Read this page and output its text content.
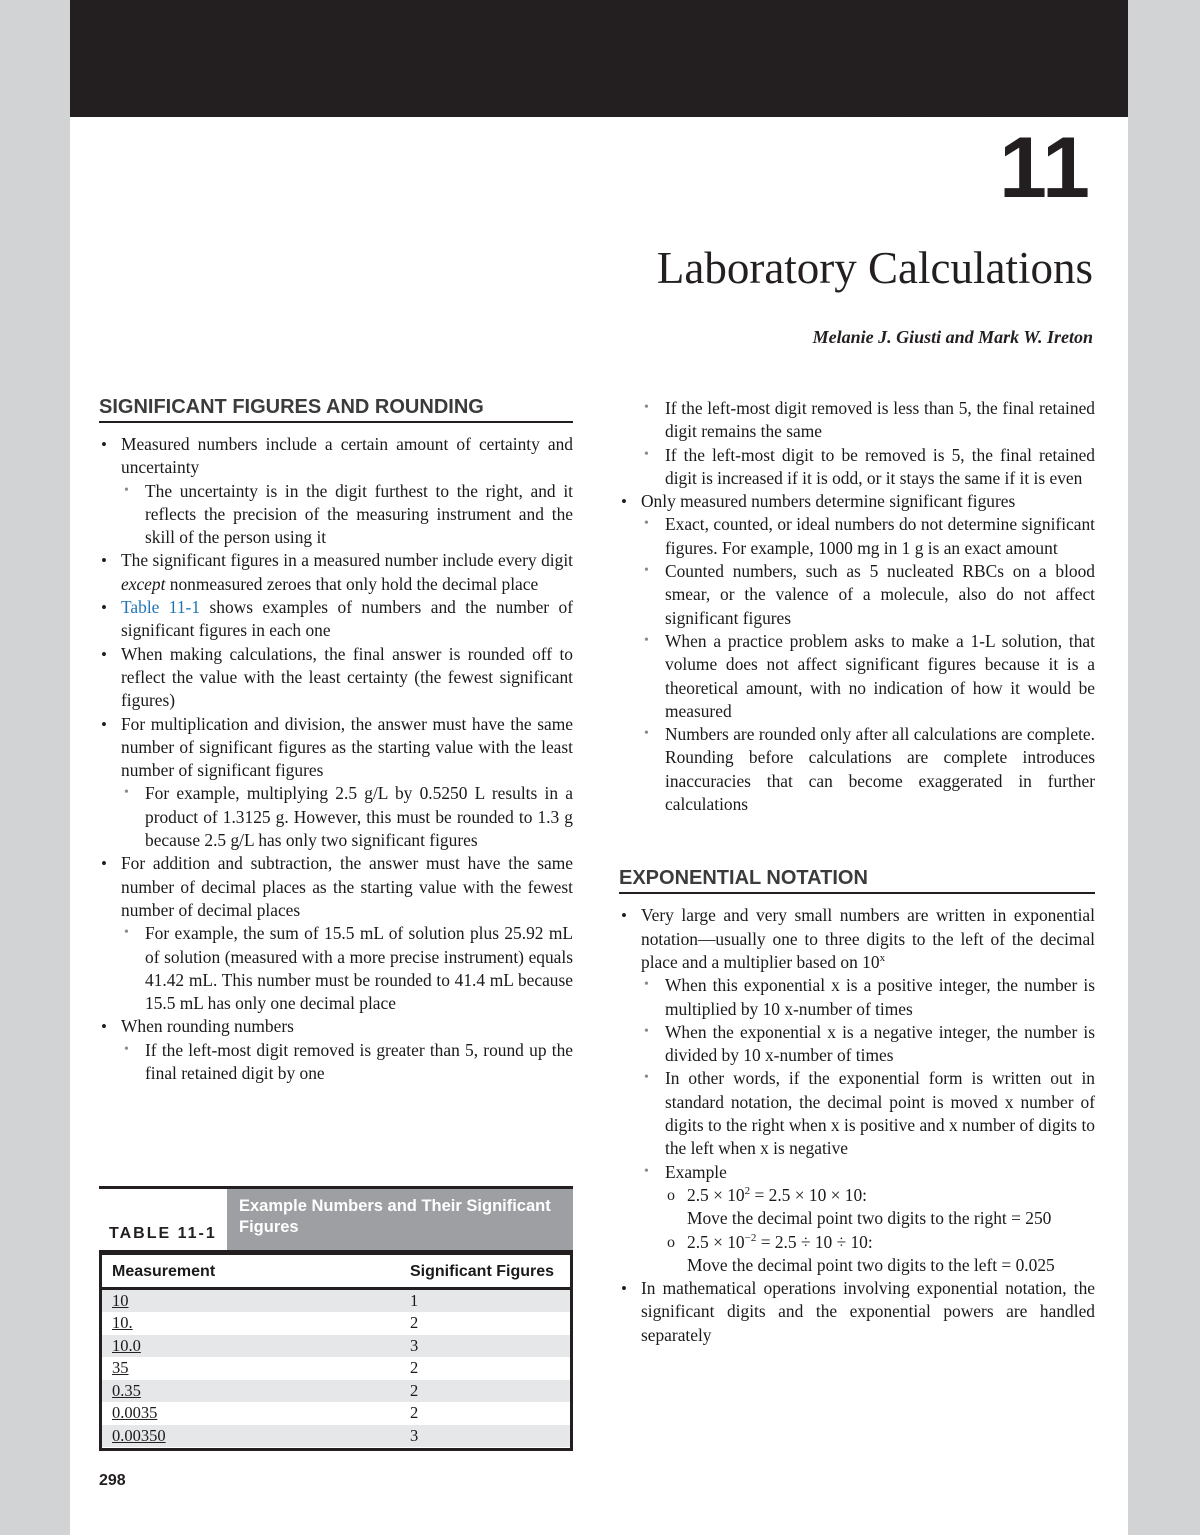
CHAPTER
11
Laboratory Calculations
Melanie J. Giusti and Mark W. Ireton
SIGNIFICANT FIGURES AND ROUNDING
• Measured numbers include a certain amount of certainty and uncertainty
• The uncertainty is in the digit furthest to the right, and it reflects the precision of the measuring instrument and the skill of the person using it
• The significant figures in a measured number include every digit except nonmeasured zeroes that only hold the decimal place
• Table 11-1 shows examples of numbers and the number of significant figures in each one
• When making calculations, the final answer is rounded off to reflect the value with the least certainty (the fewest significant figures)
• For multiplication and division, the answer must have the same number of significant figures as the starting value with the least number of significant figures
• For example, multiplying 2.5 g/L by 0.5250 L results in a product of 1.3125 g. However, this must be rounded to 1.3 g because 2.5 g/L has only two significant figures
• For addition and subtraction, the answer must have the same number of decimal places as the starting value with the fewest number of decimal places
• For example, the sum of 15.5 mL of solution plus 25.92 mL of solution (measured with a more precise instrument) equals 41.42 mL. This number must be rounded to 41.4 mL because 15.5 mL has only one decimal place
• When rounding numbers
• If the left-most digit removed is greater than 5, round up the final retained digit by one
TABLE 11-1
Example Numbers and Their Significant Figures
Measurement	Significant Figures
10	1
10.	2
10.0	3
35	2
0.35	2
0.0035	2
0.00350	3
• If the left-most digit removed is less than 5, the final retained digit remains the same
• If the left-most digit to be removed is 5, the final retained digit is increased if it is odd, or it stays the same if it is even
• Only measured numbers determine significant figures
• Exact, counted, or ideal numbers do not determine significant figures. For example, 1000 mg in 1 g is an exact amount
• Counted numbers, such as 5 nucleated RBCs on a blood smear, or the valence of a molecule, also do not affect significant figures
• When a practice problem asks to make a 1-L solution, that volume does not affect significant figures because it is a theoretical amount, with no indication of how it would be measured
• Numbers are rounded only after all calculations are complete. Rounding before calculations are complete introduces inaccuracies that can become exaggerated in further calculations
EXPONENTIAL NOTATION
• Very large and very small numbers are written in exponential notation—usually one to three digits to the left of the decimal place and a multiplier based on 10$^x$
• When this exponential x is a positive integer, the number is multiplied by 10 x-number of times
• When the exponential x is a negative integer, the number is divided by 10 x-number of times
• In other words, if the exponential form is written out in standard notation, the decimal point is moved x number of digits to the right when x is positive and x number of digits to the left when x is negative
• Example
o $2.5 \times 10^2 = 2.5 \times 10 \times 10$:
Move the decimal point two digits to the right = 250
o $2.5 \times 10^{-2} = 2.5 \div 10 \div 10$:
Move the decimal point two digits to the left = 0.025
• In mathematical operations involving exponential notation, the significant digits and the exponential powers are handled separately
298
